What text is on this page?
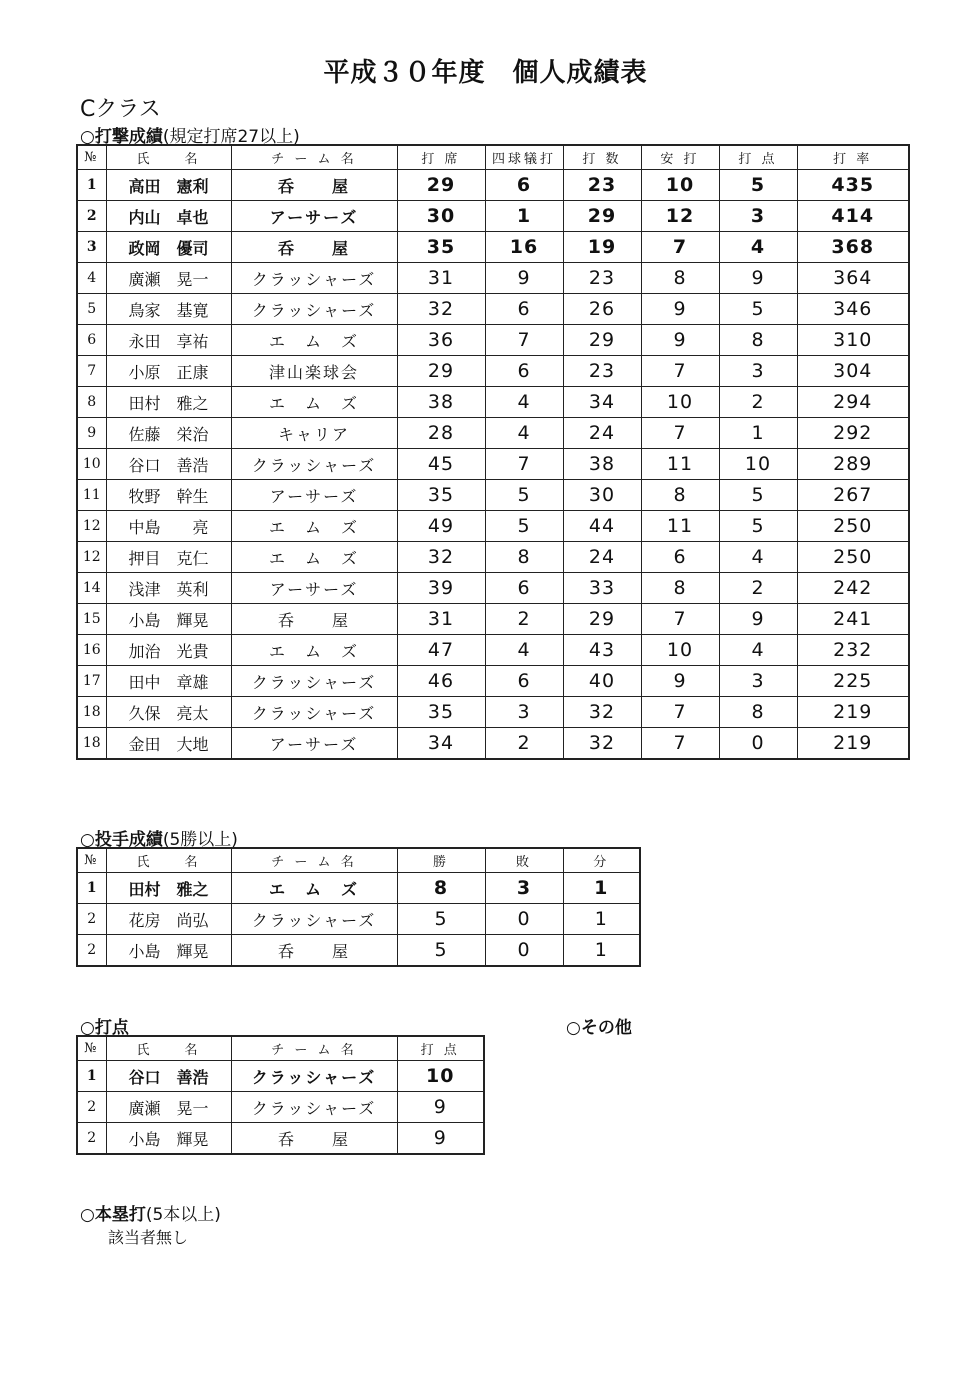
平成３０年度　個人成績表
Cクラス
○打撃成績(規定打席27以上)
№	氏　　名	チ ー ム 名	打 席	四球犠打	打 数	安 打	打 点	打 率
1	高田　憲利	呑　　屋	29	6	23	10	5	435
2	内山　卓也	アーサーズ	30	1	29	12	3	414
3	政岡　優司	呑　　屋	35	16	19	7	4	368
4	廣瀬　晃一	クラッシャーズ	31	9	23	8	9	364
5	鳥家　基寛	クラッシャーズ	32	6	26	9	5	346
6	永田　享祐	エ　ム　ズ	36	7	29	9	8	310
7	小原　正康	津山楽球会	29	6	23	7	3	304
8	田村　雅之	エ　ム　ズ	38	4	34	10	2	294
9	佐藤　栄治	キャリア	28	4	24	7	1	292
10	谷口　善浩	クラッシャーズ	45	7	38	11	10	289
11	牧野　幹生	アーサーズ	35	5	30	8	5	267
12	中島　　亮	エ　ム　ズ	49	5	44	11	5	250
12	押目　克仁	エ　ム　ズ	32	8	24	6	4	250
14	浅津　英利	アーサーズ	39	6	33	8	2	242
15	小島　輝晃	呑　　屋	31	2	29	7	9	241
16	加治　光貴	エ　ム　ズ	47	4	43	10	4	232
17	田中　章雄	クラッシャーズ	46	6	40	9	3	225
18	久保　亮太	クラッシャーズ	35	3	32	7	8	219
18	金田　大地	アーサーズ	34	2	32	7	0	219
○投手成績(5勝以上)
№	氏　　名	チ ー ム 名	勝	敗	分
1	田村　雅之	エ　ム　ズ	8	3	1
2	花房　尚弘	クラッシャーズ	5	0	1
2	小島　輝晃	呑　　屋	5	0	1
○打点	○その他
№	氏　　名	チ ー ム 名	打 点
1	谷口　善浩	クラッシャーズ	10
2	廣瀬　晃一	クラッシャーズ	9
2	小島　輝晃	呑　　屋	9
○本塁打(5本以上)
該当者無し
